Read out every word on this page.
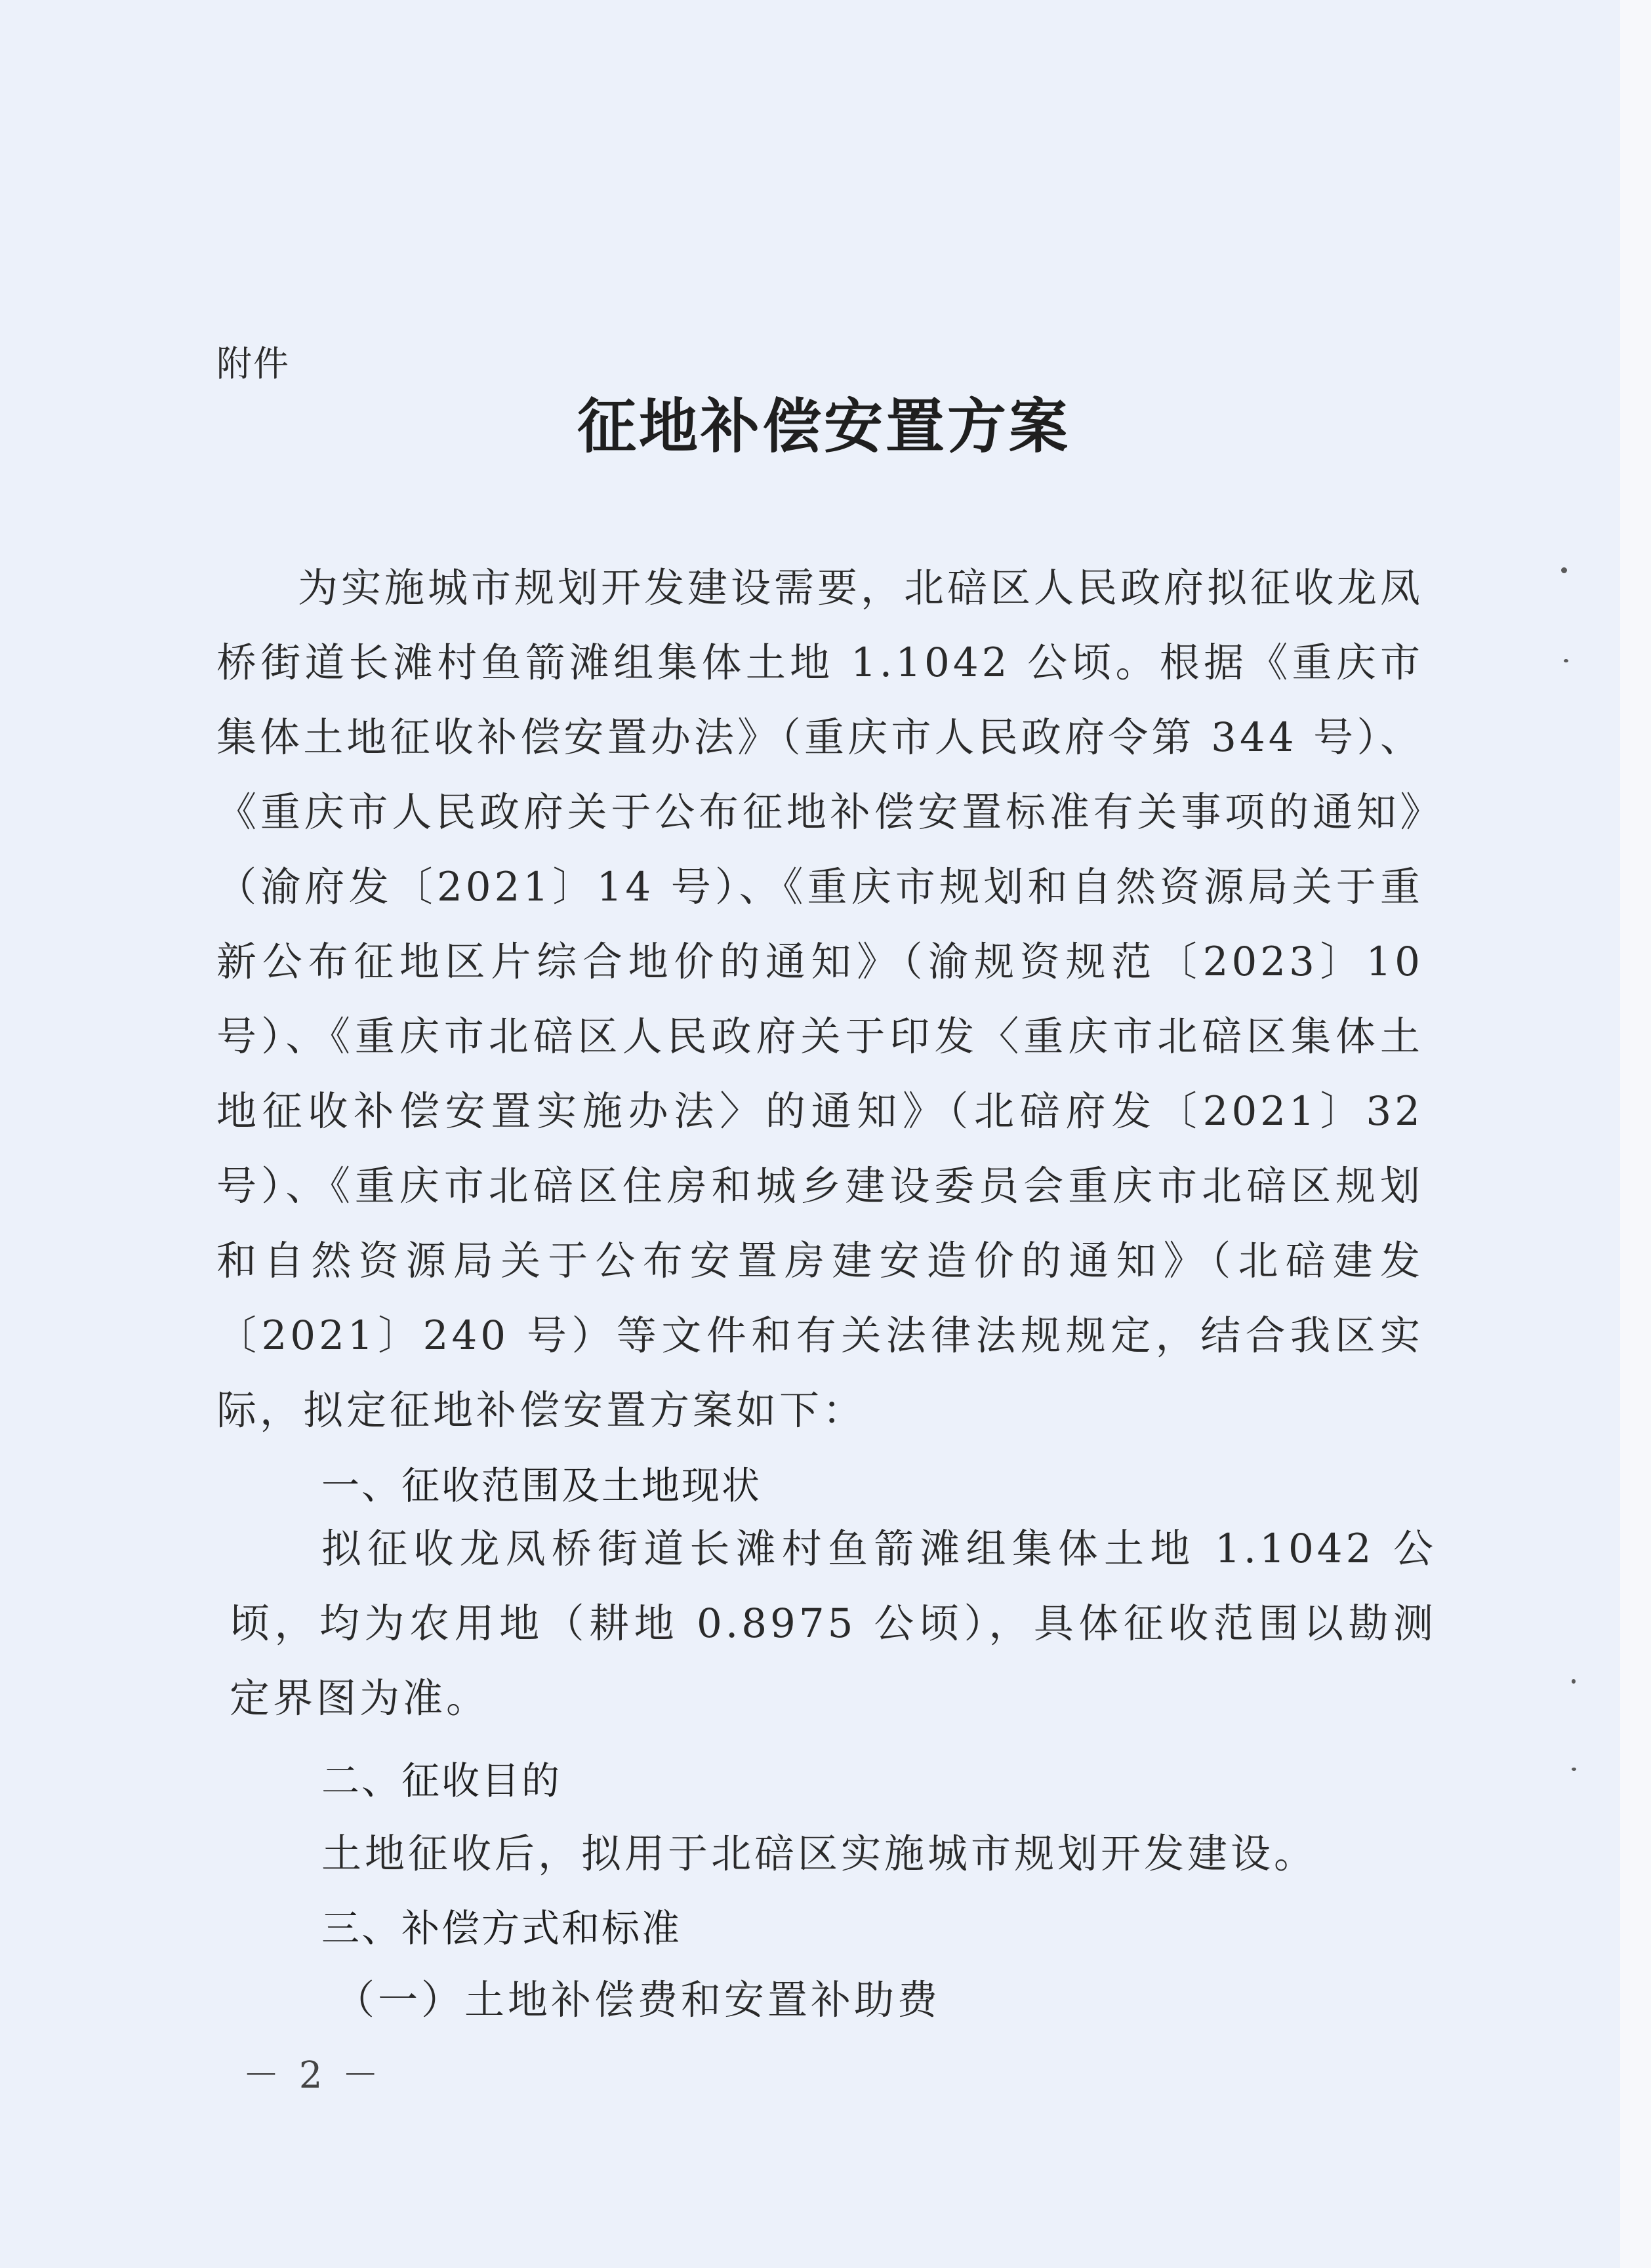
附件
征地补偿安置方案

为实施城市规划开发建设需要，北碚区人民政府拟征收龙凤桥街道长滩村鱼箭滩组集体土地 1.1042 公顷。根据《重庆市集体土地征收补偿安置办法》（重庆市人民政府令第 344 号）、《重庆市人民政府关于公布征地补偿安置标准有关事项的通知》（渝府发〔2021〕14 号）、《重庆市规划和自然资源局关于重新公布征地区片综合地价的通知》（渝规资规范〔2023〕10 号）、《重庆市北碚区人民政府关于印发〈重庆市北碚区集体土地征收补偿安置实施办法〉的通知》（北碚府发〔2021〕32 号）、《重庆市北碚区住房和城乡建设委员会重庆市北碚区规划和自然资源局关于公布安置房建安造价的通知》（北碚建发〔2021〕240 号）等文件和有关法律法规规定，结合我区实际，拟定征地补偿安置方案如下：

一、征收范围及土地现状

拟征收龙凤桥街道长滩村鱼箭滩组集体土地 1.1042 公顷，均为农用地（耕地 0.8975 公顷），具体征收范围以勘测定界图为准。

二、征收目的

土地征收后，拟用于北碚区实施城市规划开发建设。

三、补偿方式和标准
（一）土地补偿费和安置补助费
－ 2 －
